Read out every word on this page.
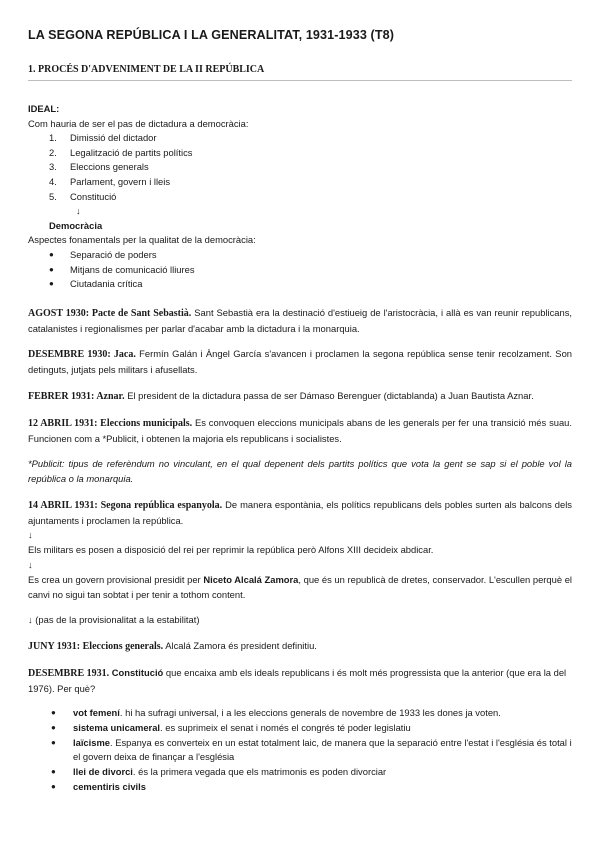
LA SEGONA REPÚBLICA I LA GENERALITAT, 1931-1933 (T8)
1. PROCÉS D'ADVENIMENT DE LA II REPÚBLICA
IDEAL:
Com hauria de ser el pas de dictadura a democràcia:
1.	Dimissió del dictador
2.	Legalització de partits polítics
3.	Eleccions generals
4.	Parlament, govern i lleis
5.	Constitució
↓
Democràcia
Aspectes fonamentals per la qualitat de la democràcia:
●	Separació de poders
●	Mitjans de comunicació lliures
●	Ciutadania crítica

AGOST 1930: Pacte de Sant Sebastià. Sant Sebastià era la destinació d'estiueig de l'aristocràcia, i allà es van reunir republicans, catalanistes i regionalismes per parlar d'acabar amb la dictadura i la monarquia.

DESEMBRE 1930: Jaca. Fermín Galán i Àngel García s'avancen i proclamen la segona república sense tenir recolzament. Son detinguts, jutjats pels militars i afusellats.

FEBRER 1931: Aznar. El president de la dictadura passa de ser Dámaso Berenguer (dictablanda) a Juan Bautista Aznar.

12 ABRIL 1931: Eleccions municipals. Es convoquen eleccions municipals abans de les generals per fer una transició més suau. Funcionen com a *Publicit, i obtenen la majoria els republicans i socialistes.

*Publicit: tipus de referèndum no vinculant, en el qual depenent dels partits polítics que vota la gent se sap si el poble vol la república o la monarquia.

14 ABRIL 1931: Segona república espanyola. De manera espontània, els polítics republicans dels pobles surten als balcons dels ajuntaments i proclamen la república.
↓
Els militars es posen a disposició del rei per reprimir la república però Alfons XIII decideix abdicar.
↓
Es crea un govern provisional presidit per Niceto Alcalá Zamora, que és un republicà de dretes, conservador. L'escullen perquè el canvi no sigui tan sobtat i per tenir a tothom content.

↓ (pas de la provisionalitat a la estabilitat)

JUNY 1931: Eleccions generals. Alcalá Zamora és president definitiu.

DESEMBRE 1931. Constitució que encaixa amb els ideals republicans i és molt més progressista que la anterior (que era la del 1976). Per què?

●	vot femení. hi ha sufragi universal, i a les eleccions generals de novembre de 1933 les dones ja voten.
●	sistema unicameral. es suprimeix el senat i només el congrés té poder legislatiu
●	laïcisme. Espanya es converteix en un estat totalment laic, de manera que la separació entre l'estat i l'església és total i el govern deixa de finançar a l'església
●	llei de divorci. és la primera vegada que els matrimonis es poden divorciar
●	cementiris civils
